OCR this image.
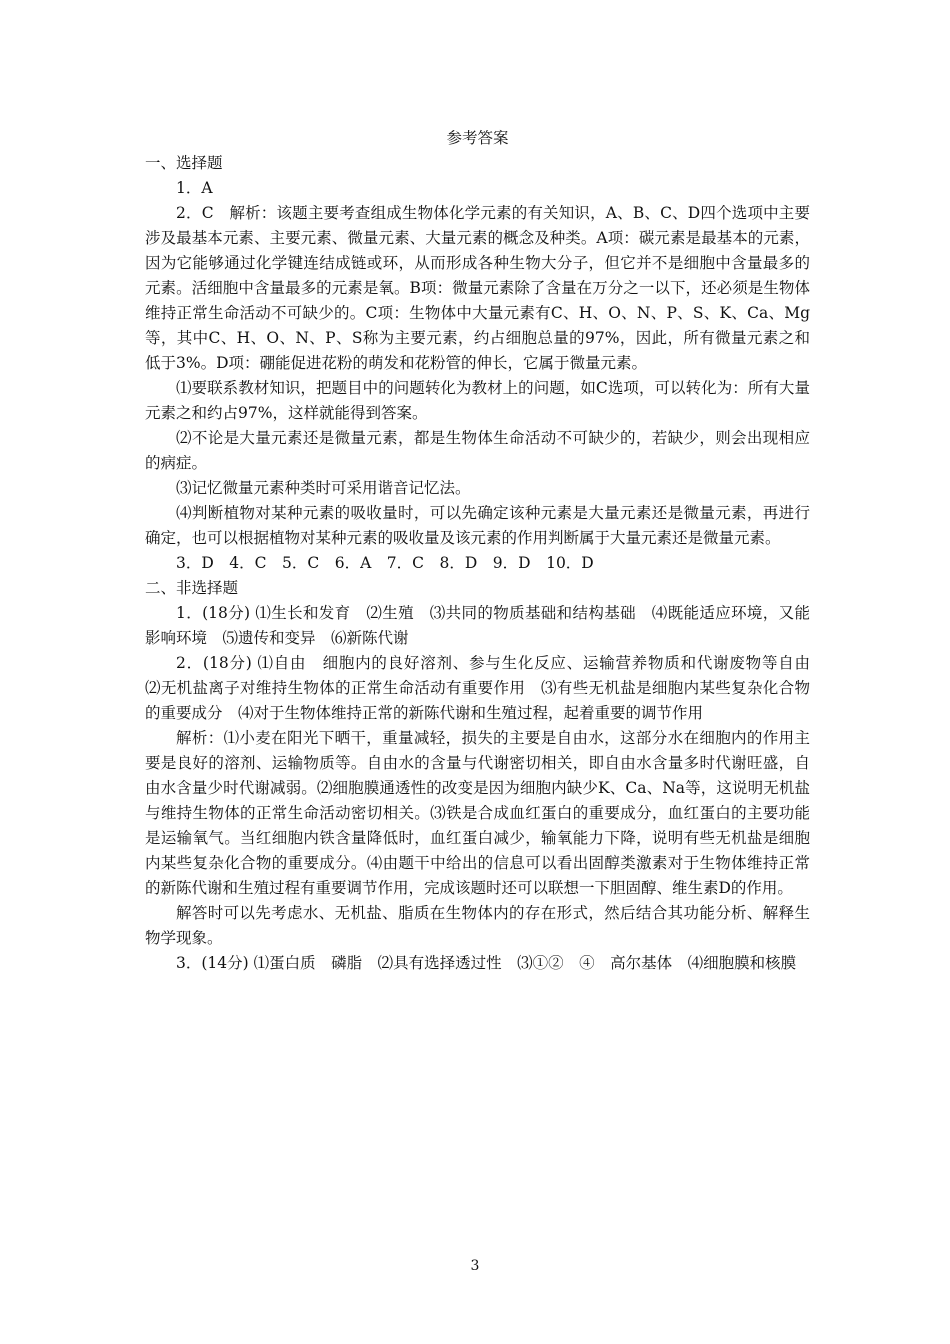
参考答案

一、选择题

1．A

2．C　解析：该题主要考查组成生物体化学元素的有关知识，A、B、C、D四个选项中主要涉及最基本元素、主要元素、微量元素、大量元素的概念及种类。A项：碳元素是最基本的元素，因为它能够通过化学键连结成链或环，从而形成各种生物大分子，但它并不是细胞中含量最多的元素。活细胞中含量最多的元素是氧。B项：微量元素除了含量在万分之一以下，还必须是生物体维持正常生命活动不可缺少的。C项：生物体中大量元素有C、H、O、N、P、S、K、Ca、Mg等，其中C、H、O、N、P、S称为主要元素，约占细胞总量的97%，因此，所有微量元素之和低于3%。D项：硼能促进花粉的萌发和花粉管的伸长，它属于微量元素。

⑴要联系教材知识，把题目中的问题转化为教材上的问题，如C选项，可以转化为：所有大量元素之和约占97%，这样就能得到答案。

⑵不论是大量元素还是微量元素，都是生物体生命活动不可缺少的，若缺少，则会出现相应的病症。

⑶记忆微量元素种类时可采用谐音记忆法。

⑷判断植物对某种元素的吸收量时，可以先确定该种元素是大量元素还是微量元素，再进行确定，也可以根据植物对某种元素的吸收量及该元素的作用判断属于大量元素还是微量元素。

3．D　4．C　5．C　6．A　7．C　8．D　9．D　10．D

二、非选择题

1．(18分) ⑴生长和发育　⑵生殖　⑶共同的物质基础和结构基础　⑷既能适应环境，又能影响环境　⑸遗传和变异　⑹新陈代谢

2．(18分) ⑴自由　细胞内的良好溶剂、参与生化反应、运输营养物质和代谢废物等自由　⑵无机盐离子对维持生物体的正常生命活动有重要作用　⑶有些无机盐是细胞内某些复杂化合物的重要成分　⑷对于生物体维持正常的新陈代谢和生殖过程，起着重要的调节作用

解析：⑴小麦在阳光下晒干，重量减轻，损失的主要是自由水，这部分水在细胞内的作用主要是良好的溶剂、运输物质等。自由水的含量与代谢密切相关，即自由水含量多时代谢旺盛，自由水含量少时代谢减弱。⑵细胞膜通透性的改变是因为细胞内缺少K、Ca、Na等，这说明无机盐与维持生物体的正常生命活动密切相关。⑶铁是合成血红蛋白的重要成分，血红蛋白的主要功能是运输氧气。当红细胞内铁含量降低时，血红蛋白减少，输氧能力下降，说明有些无机盐是细胞内某些复杂化合物的重要成分。⑷由题干中给出的信息可以看出固醇类激素对于生物体维持正常的新陈代谢和生殖过程有重要调节作用，完成该题时还可以联想一下胆固醇、维生素D的作用。

解答时可以先考虑水、无机盐、脂质在生物体内的存在形式，然后结合其功能分析、解释生物学现象。

3．(14分) ⑴蛋白质　磷脂　⑵具有选择透过性　⑶①②　④　高尔基体　⑷细胞膜和核膜

3
